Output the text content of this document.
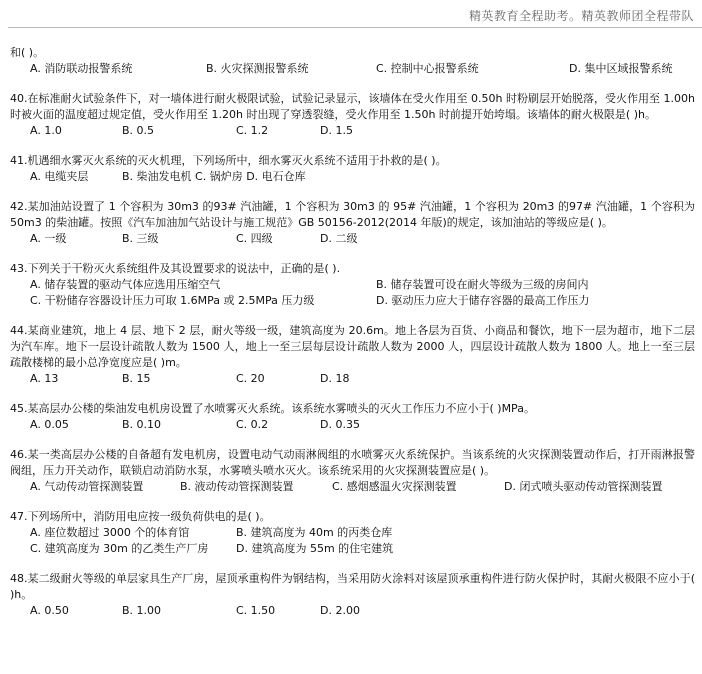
精英教育全程助考。精英教师团全程带队
和( )。
A. 消防联动报警系统	B. 火灾探测报警系统	C. 控制中心报警系统	D. 集中区域报警系统
40.在标准耐火试验条件下，对一墙体进行耐火极限试验，试验记录显示，该墙体在受火作用至 0.50h 时粉刷层开始脱落，受火作用至 1.00h 时被火面的温度超过规定值，受火作用至 1.20h 时出现了穿透裂缝，受火作用至 1.50h 时前提开始垮塌。该墙体的耐火极限是( )h。
A. 1.0	B. 0.5	C. 1.2	D. 1.5
41.机遇细水雾灭火系统的灭火机理，下列场所中，细水雾灭火系统不适用于扑救的是( )。
A. 电缆夹层	B. 柴油发电机 C. 锅炉房 D. 电石仓库
42.某加油站设置了 1 个容积为 30m3 的93# 汽油罐，1 个容积为 30m3 的 95# 汽油罐，1 个容积为 20m3 的97# 汽油罐，1 个容积为 50m3 的柴油罐。按照《汽车加油加气站设计与施工规范》GB 50156-2012(2014 年版)的规定，该加油站的等级应是( )。
A. 一级	B. 三级	C. 四级	D. 二级
43.下列关于干粉灭火系统组件及其设置要求的说法中，正确的是( ).
A. 储存装置的驱动气体应选用压缩空气	B. 储存装置可设在耐火等级为三级的房间内
C. 干粉储存容器设计压力可取 1.6MPa 或 2.5MPa 压力级	D. 驱动压力应大于储存容器的最高工作压力
44.某商业建筑，地上 4 层、地下 2 层，耐火等级一级，建筑高度为 20.6m。地上各层为百货、小商品和餐饮，地下一层为超市，地下二层为汽车库。地下一层设计疏散人数为 1500 人，地上一至三层每层设计疏散人数为 2000 人，四层设计疏散人数为 1800 人。地上一至三层疏散楼梯的最小总净宽度应是( )m。
A. 13	B. 15	C. 20	D. 18
45.某高层办公楼的柴油发电机房设置了水喷雾灭火系统。该系统水雾喷头的灭火工作压力不应小于( )MPa。
A. 0.05	B. 0.10	C. 0.2	D. 0.35
46.某一类高层办公楼的自备超有发电机房，设置电动气动雨淋阀组的水喷雾灭火系统保护。当该系统的火灾探测装置动作后，打开雨淋报警阀组，压力开关动作，联锁启动消防水泵，水雾喷头喷水灭火。该系统采用的火灾探测装置应是( )。
A. 气动传动管探测装置	B. 液动传动管探测装置	C. 感烟感温火灾探测装置	D. 闭式喷头驱动传动管探测装置
47.下列场所中，消防用电应按一级负荷供电的是( )。
A. 座位数超过 3000 个的体育馆	B. 建筑高度为 40m 的丙类仓库
C. 建筑高度为 30m 的乙类生产厂房	D. 建筑高度为 55m 的住宅建筑
48.某二级耐火等级的单层家具生产厂房，屋顶承重构件为钢结构，当采用防火涂料对该屋顶承重构件进行防火保护时，其耐火极限不应小于( )h。
A. 0.50	B. 1.00	C. 1.50	D. 2.00
